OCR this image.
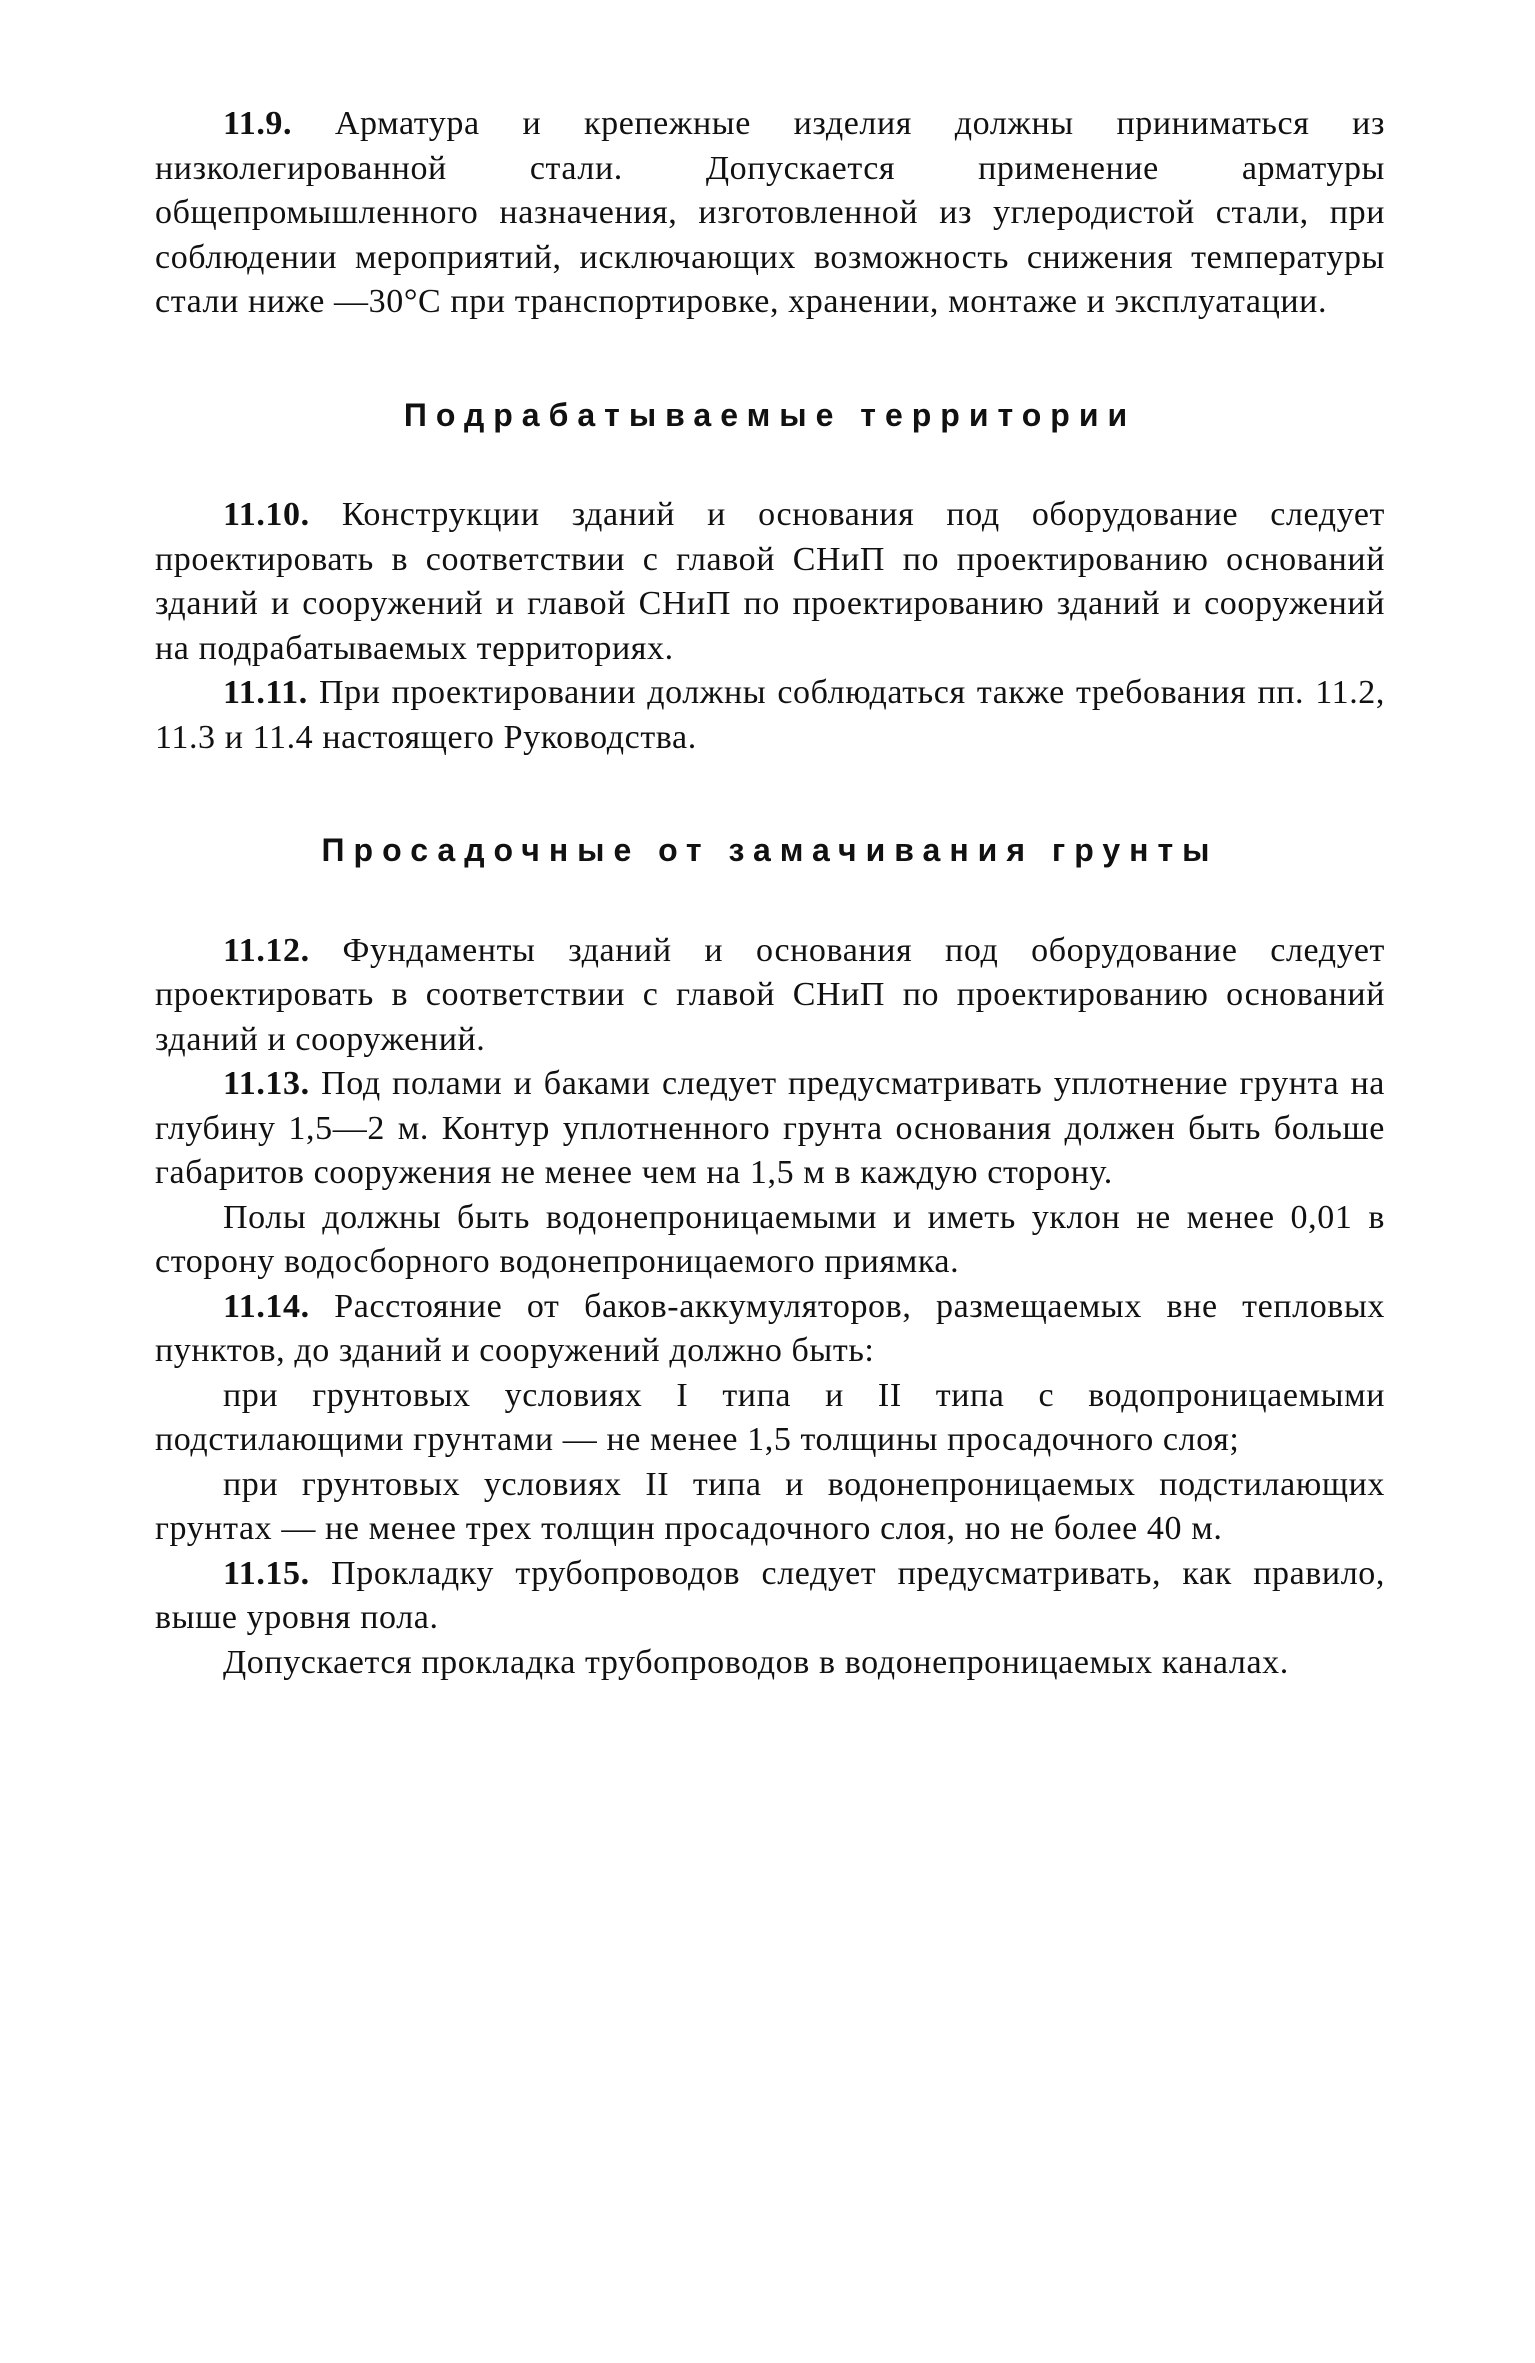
11.9. Арматура и крепежные изделия должны приниматься из низколегированной стали. Допускается применение арматуры общепромышленного назначения, изготовленной из углеродистой стали, при соблюдении мероприятий, исключающих возможность снижения температуры стали ниже —30°С при транспортировке, хранении, монтаже и эксплуатации.

Подрабатываемые территории

11.10. Конструкции зданий и основания под оборудование следует проектировать в соответствии с главой СНиП по проектированию оснований зданий и сооружений и главой СНиП по проектированию зданий и сооружений на подрабатываемых территориях.

11.11. При проектировании должны соблюдаться также требования пп. 11.2, 11.3 и 11.4 настоящего Руководства.

Просадочные от замачивания грунты

11.12. Фундаменты зданий и основания под оборудование следует проектировать в соответствии с главой СНиП по проектированию оснований зданий и сооружений.

11.13. Под полами и баками следует предусматривать уплотнение грунта на глубину 1,5—2 м. Контур уплотненного грунта основания должен быть больше габаритов сооружения не менее чем на 1,5 м в каждую сторону.

Полы должны быть водонепроницаемыми и иметь уклон не менее 0,01 в сторону водосборного водонепроницаемого приямка.

11.14. Расстояние от баков-аккумуляторов, размещаемых вне тепловых пунктов, до зданий и сооружений должно быть:

при грунтовых условиях I типа и II типа с водопроницаемыми подстилающими грунтами — не менее 1,5 толщины просадочного слоя;

при грунтовых условиях II типа и водонепроницаемых подстилающих грунтах — не менее трех толщин просадочного слоя, но не более 40 м.

11.15. Прокладку трубопроводов следует предусматривать, как правило, выше уровня пола.

Допускается прокладка трубопроводов в водонепроницаемых каналах.
